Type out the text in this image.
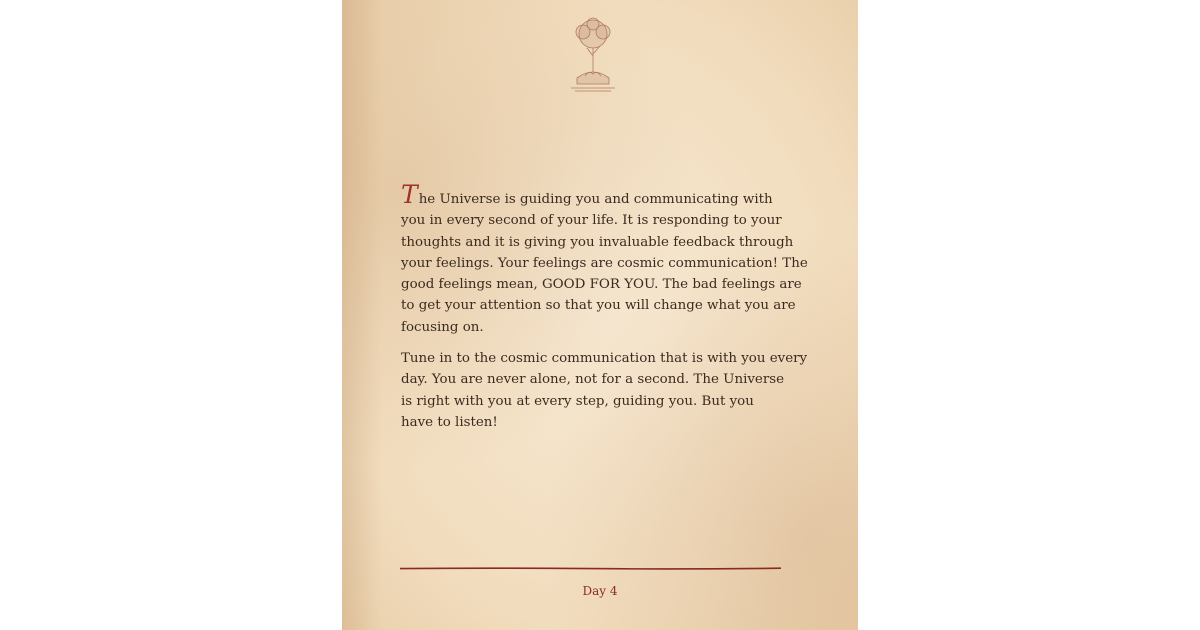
The Universe is guiding you and communicating with
you in every second of your life. It is responding to your
thoughts and it is giving you invaluable feedback through
your feelings. Your feelings are cosmic communication! The
good feelings mean, GOOD FOR YOU. The bad feelings are
to get your attention so that you will change what you are
focusing on.

Tune in to the cosmic communication that is with you every
day. You are never alone, not for a second. The Universe
is right with you at every step, guiding you. But you
have to listen!

Day 4
